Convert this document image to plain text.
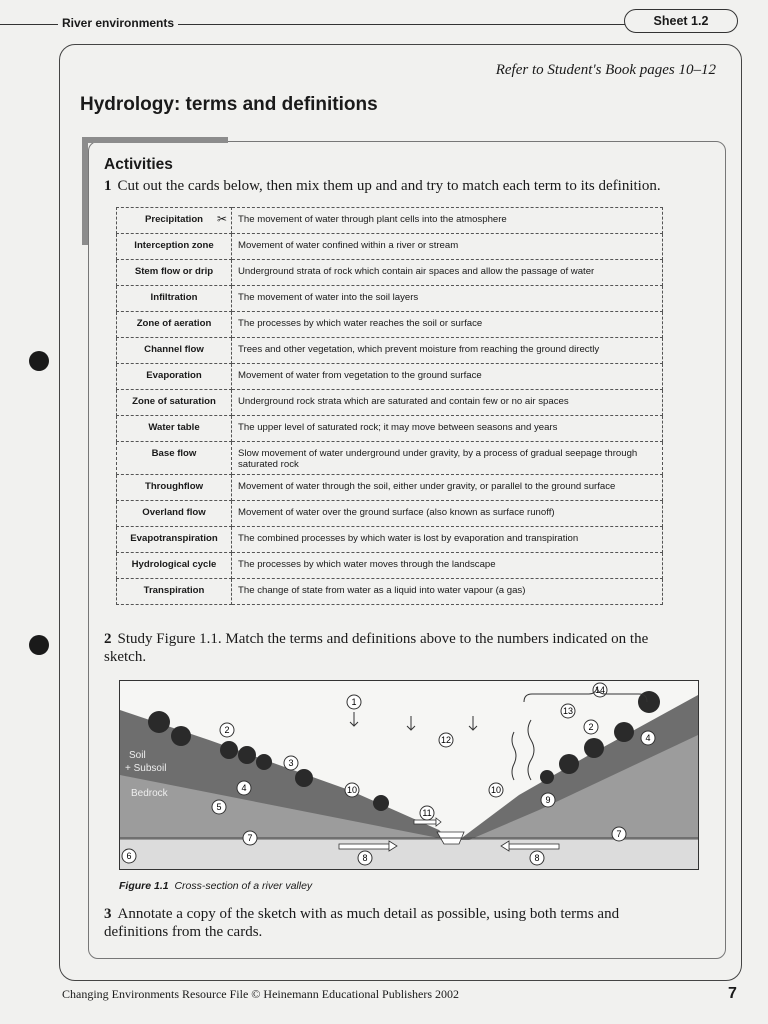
River environments	Sheet 1.2
Refer to Student's Book pages 10–12
Hydrology: terms and definitions
Activities
1 Cut out the cards below, then mix them up and and try to match each term to its definition.
Precipitation	The movement of water through plant cells into the atmosphere
Interception zone	Movement of water confined within a river or stream
Stem flow or drip	Underground strata of rock which contain air spaces and allow the passage of water
Infiltration	The movement of water into the soil layers
Zone of aeration	The processes by which water reaches the soil or surface
Channel flow	Trees and other vegetation, which prevent moisture from reaching the ground directly
Evaporation	Movement of water from vegetation to the ground surface
Zone of saturation	Underground rock strata which are saturated and contain few or no air spaces
Water table	The upper level of saturated rock; it may move between seasons and years
Base flow	Slow movement of water underground under gravity, by a process of gradual seepage through saturated rock
Throughflow	Movement of water through the soil, either under gravity, or parallel to the ground surface
Overland flow	Movement of water over the ground surface (also known as surface runoff)
Evapotranspiration	The combined processes by which water is lost by evaporation and transpiration
Hydrological cycle	The processes by which water moves through the landscape
Transpiration	The change of state from water as a liquid into water vapour (a gas)
✂
2 Study Figure 1.1. Match the terms and definitions above to the numbers indicated on the sketch.
Soil
+ Subsoil
Bedrock
1
2
3
4
5
6
7
8
10
11
12
10
9
13
2
4
14
7
8
Figure 1.1 Cross-section of a river valley
3 Annotate a copy of the sketch with as much detail as possible, using both terms and definitions from the cards.
Changing Environments Resource File © Heinemann Educational Publishers 2002	7
